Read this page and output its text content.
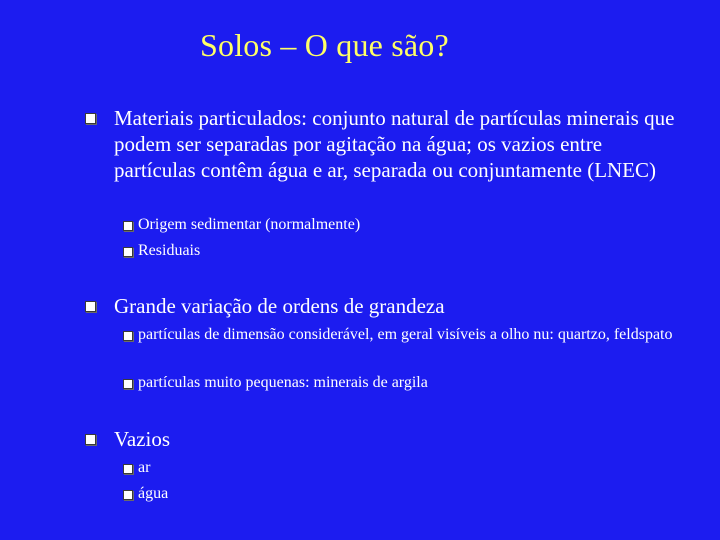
Solos – O que são?
Materiais particulados: conjunto natural de partículas minerais que podem ser separadas por agitação na água; os vazios entre partículas contêm água e ar, separada ou conjuntamente (LNEC)
Origem sedimentar (normalmente)
Residuais
Grande variação de ordens de grandeza
partículas de dimensão considerável, em geral visíveis a olho nu: quartzo, feldspato
partículas muito pequenas: minerais de argila
Vazios
ar
água
